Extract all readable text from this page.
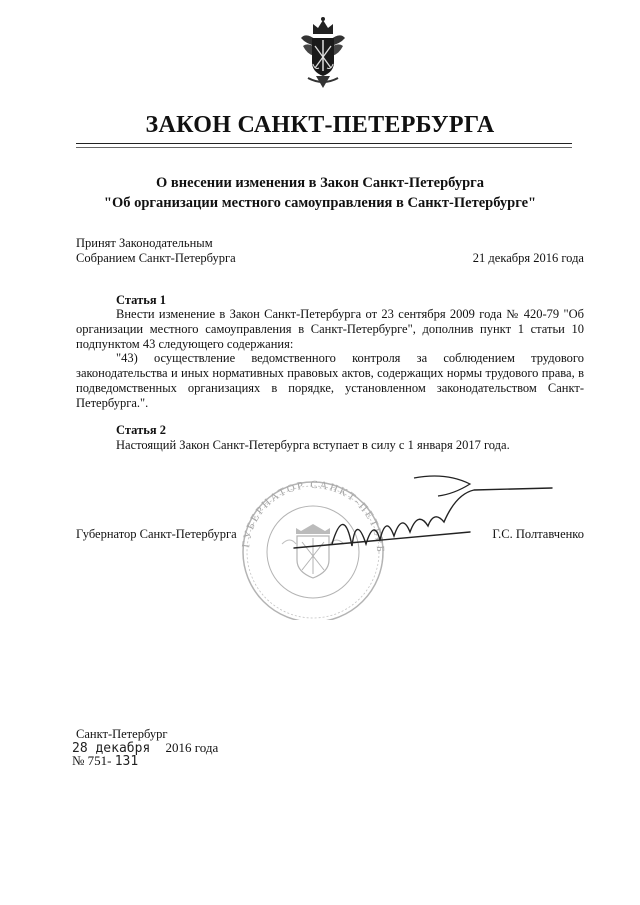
ЗАКОН САНКТ-ПЕТЕРБУРГА
О внесении изменения в Закон Санкт-Петербурга
"Об организации местного самоуправления в Санкт-Петербурге"
Принят Законодательным
Собранием Санкт-Петербурга	21 декабря 2016 года
Статья 1

Внести изменение в Закон Санкт-Петербурга от 23 сентября 2009 года № 420-79 "Об организации местного самоуправления в Санкт-Петербурге", дополнив пункт 1 статьи 10 подпунктом 43 следующего содержания:

"43) осуществление ведомственного контроля за соблюдением трудового законодательства и иных нормативных правовых актов, содержащих нормы трудового права, в подведомственных организациях в порядке, установленном законодательством Санкт-Петербурга.".

Статья 2
Настоящий Закон Санкт-Петербурга вступает в силу с 1 января 2017 года.
ГУБЕРНАТОР САНКТ-ПЕТЕРБ
Губернатор Санкт-Петербурга	Г.С. Полтавченко
Санкт-Петербург
28 декабря 2016 года
№ 751- 131
